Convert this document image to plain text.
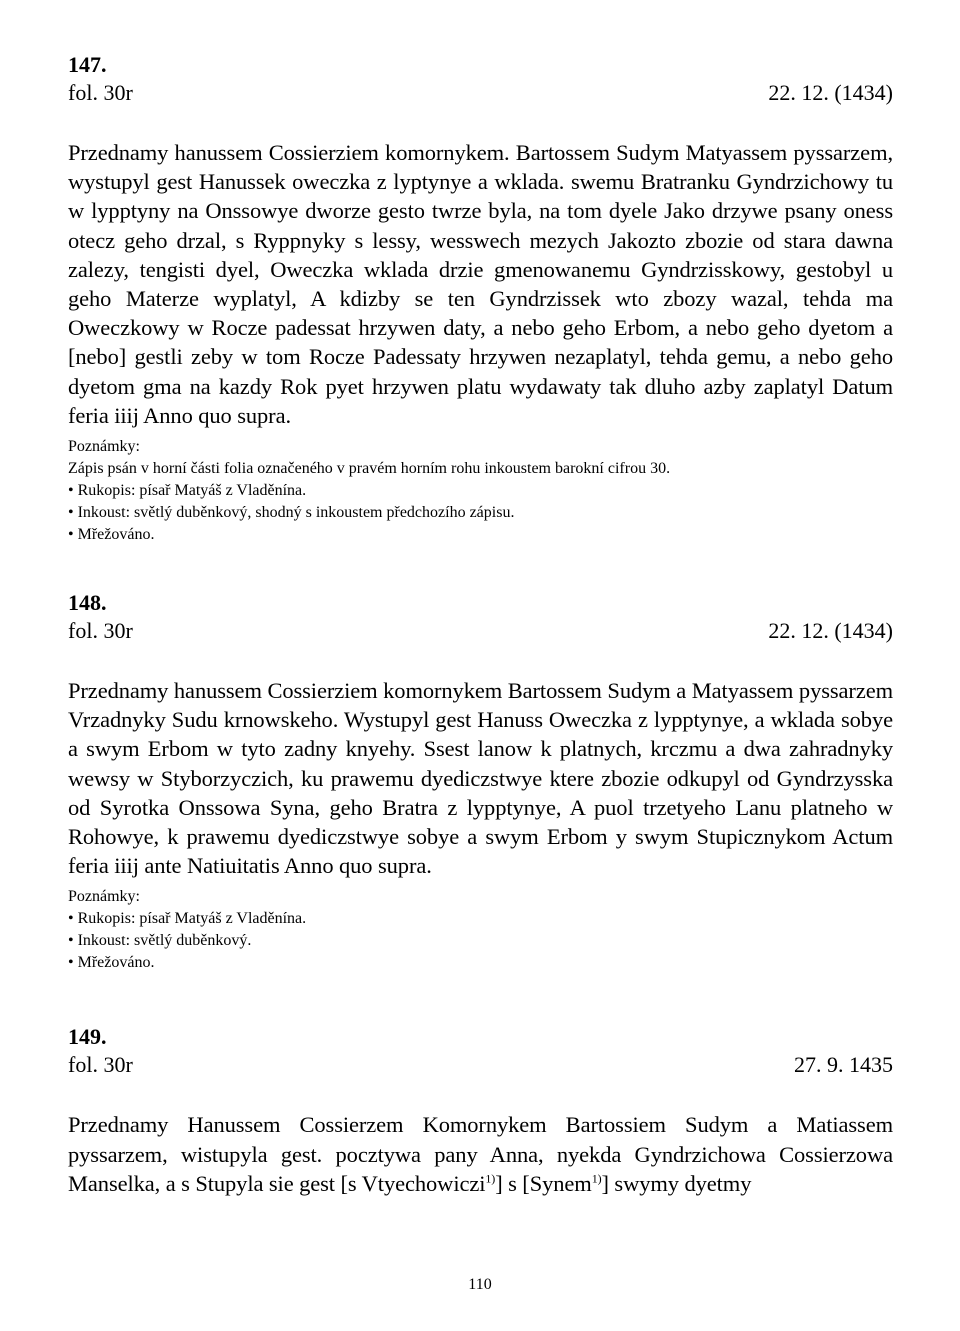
147.

fol. 30r	22. 12. (1434)

Przednamy hanussem Cossierziem komornykem. Bartossem Sudym Matyassem pyssarzem, wystupyl gest Hanussek oweczka z lyptynye a wklada. swemu Bratranku Gyndrzichowy tu w lypptyny na Onssowye dworze gesto twrze byla, na tom dyele Jako drzywe psany oness otecz geho drzal, s Ryppnyky s lessy, wesswech mezych Jakozto zbozie od stara dawna zalezy, tengisti dyel, Oweczka wklada drzie gmenowanemu Gyndrzisskowy, gestobyl u geho Materze wyplatyl, A kdizby se ten Gyndrzissek wto zbozy wazal, tehda ma Oweczkowy w Rocze padessat hrzywen daty, a nebo geho Erbom, a nebo geho dyetom a [nebo] gestli zeby w tom Rocze Padessaty hrzywen nezaplatyl, tehda gemu, a nebo geho dyetom gma na kazdy Rok pyet hrzywen platu wydawaty tak dluho azby zaplatyl Datum feria iiij Anno quo supra.

Poznámky:

Zápis psán v horní části folia označeného v pravém horním rohu inkoustem barokní cifrou 30.

• Rukopis: písař Matyáš z Vladěnína.

• Inkoust: světlý duběnkový, shodný s inkoustem předchozího zápisu.

• Mřežováno.

148.

fol. 30r	22. 12. (1434)

Przednamy hanussem Cossierziem komornykem Bartossem Sudym a Matyassem pyssarzem Vrzadnyky Sudu krnowskeho. Wystupyl gest Hanuss Oweczka z lypptynye, a wklada sobye a swym Erbom w tyto zadny knyehy. Ssest lanow k platnych, krczmu a dwa zahradnyky wewsy w Styborzyczich, ku prawemu dyediczstwye ktere zbozie odkupyl od Gyndrzysska od Syrotka Onssowa Syna, geho Bratra z lypptynye, A puol trzetyeho Lanu platneho w Rohowye, k prawemu dyediczstwye sobye a swym Erbom y swym Stupicznykom Actum feria iiij ante Natiuitatis Anno quo supra.

Poznámky:

• Rukopis: písař Matyáš z Vladěnína.

• Inkoust: světlý duběnkový.

• Mřežováno.

149.

fol. 30r	27. 9. 1435

Przednamy Hanussem Cossierzem Komornykem Bartossiem Sudym a Matiassem pyssarzem, wistupyla gest. pocztywa pany Anna, nyekda Gyndrzichowa Cossierzowa Manselka, a s Stupyla sie gest [s Vtyechowiczi$^{1)}$] s [Synem$^{1)}$] swymy dyetmy

110
